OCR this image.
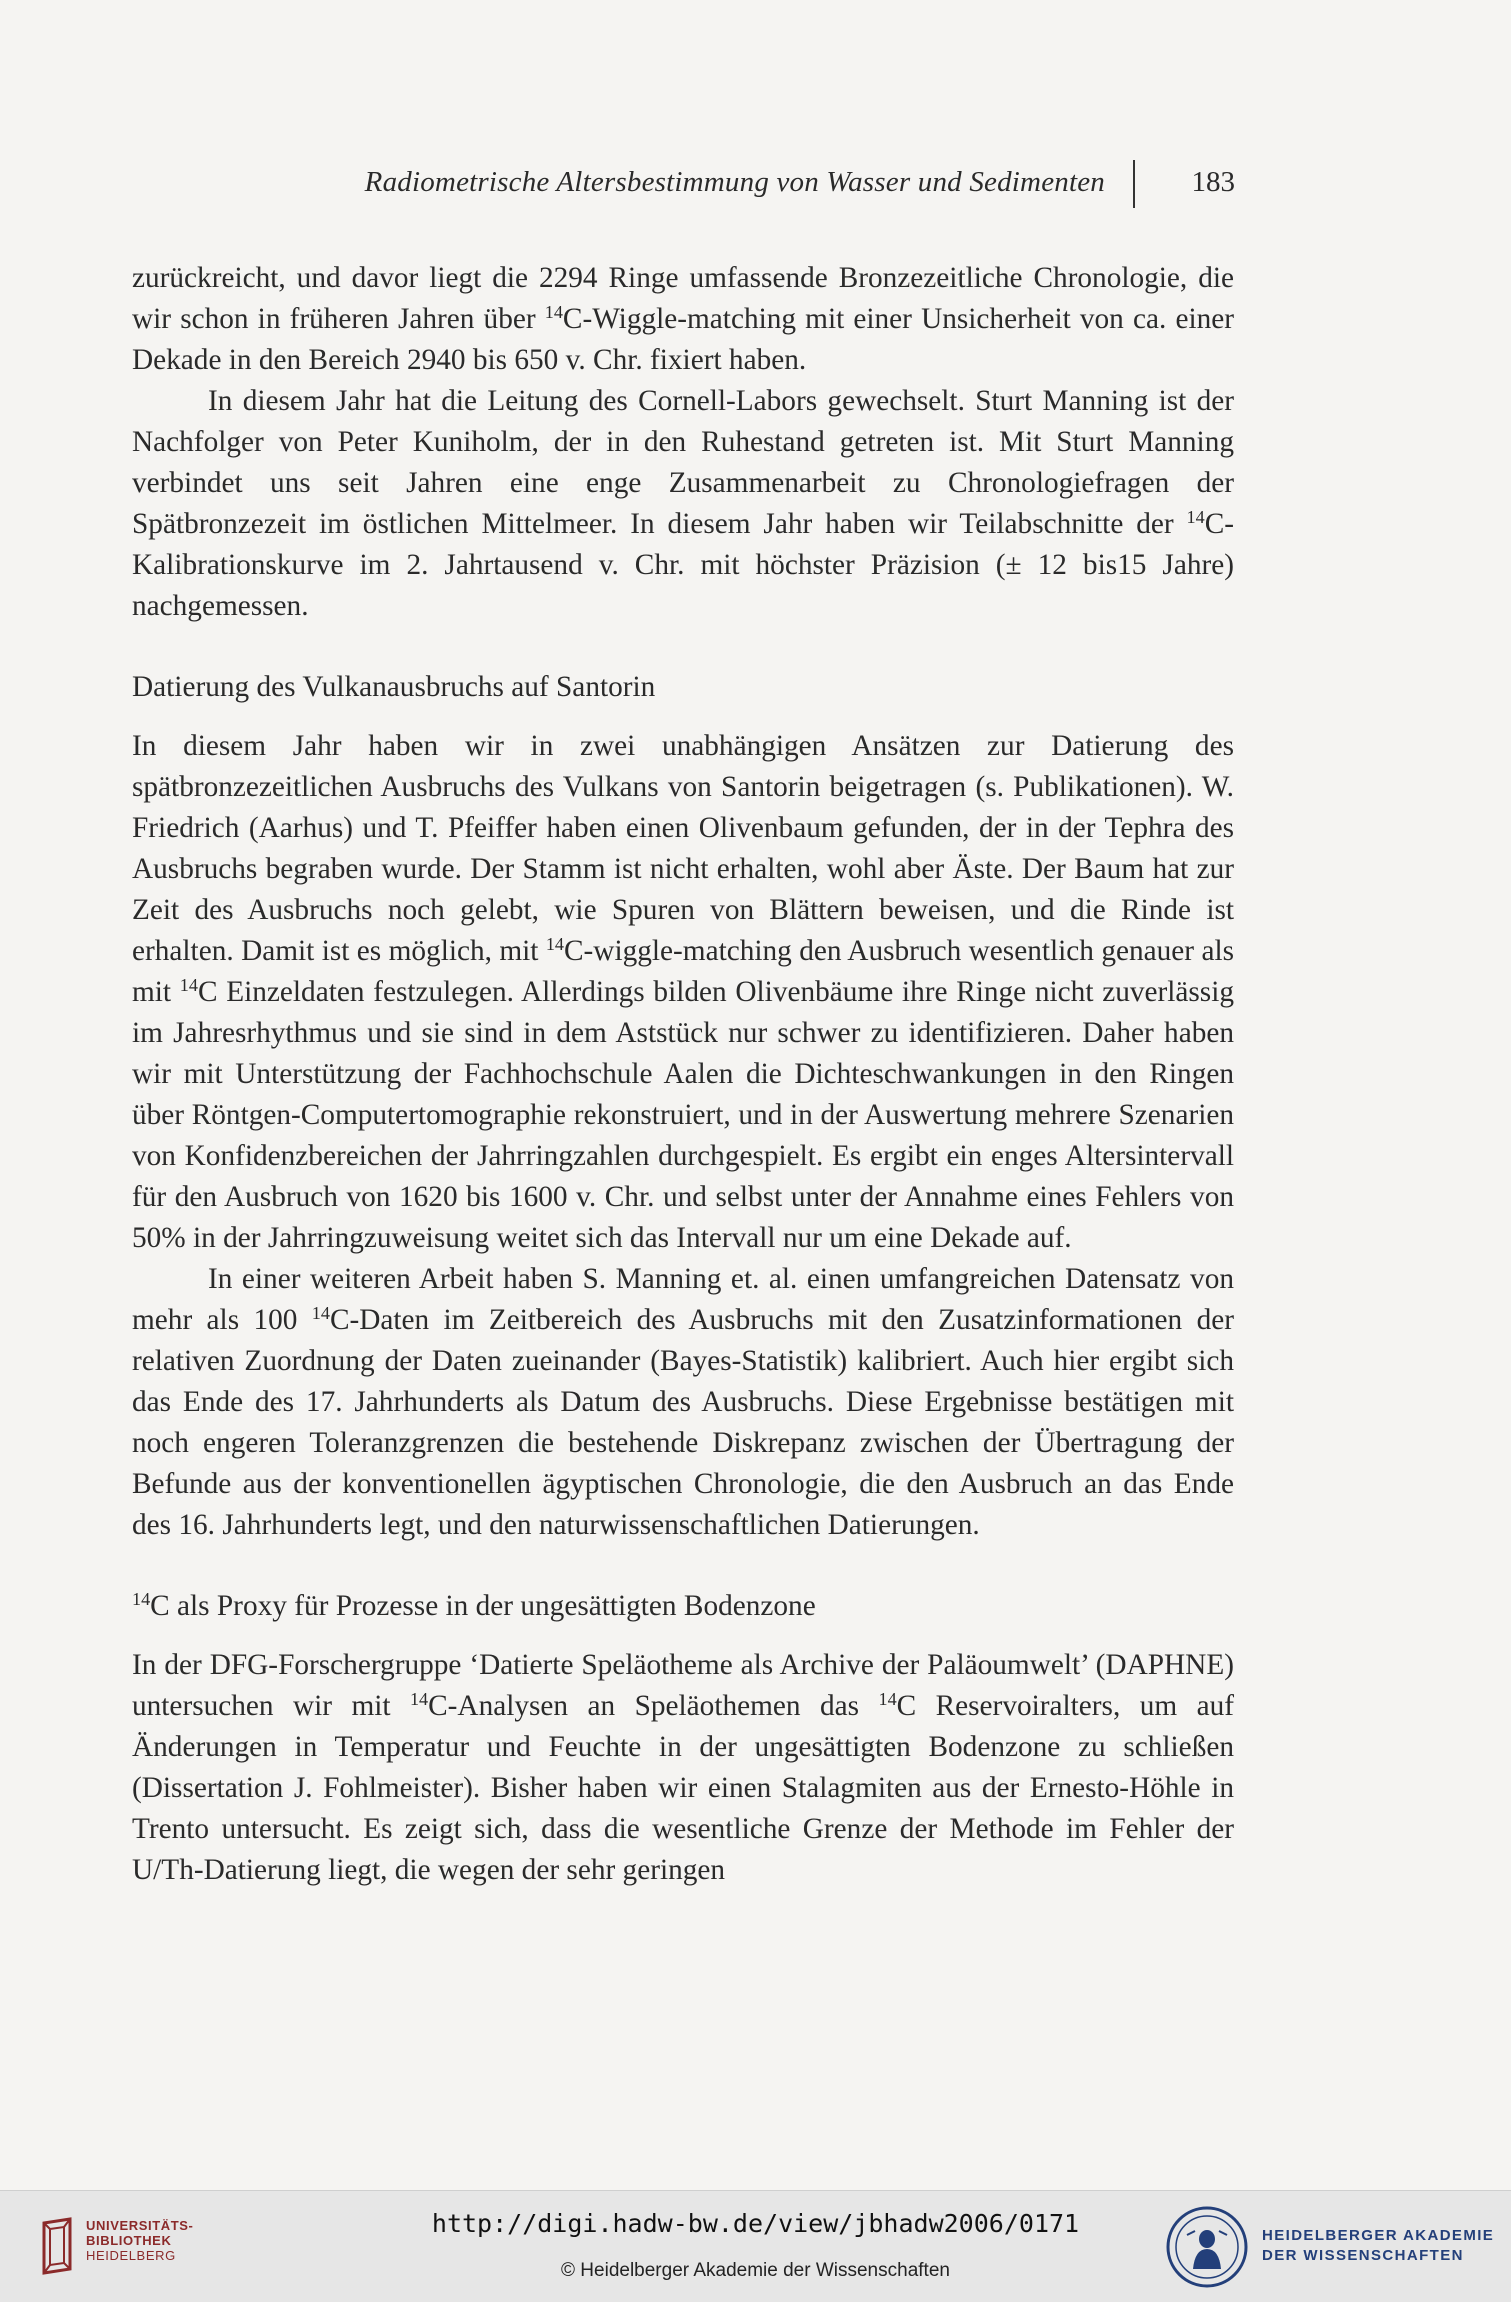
Radiometrische Altersbestimmung von Wasser und Sedimenten	183

zurückreicht, und davor liegt die 2294 Ringe umfassende Bronzezeitliche Chronologie, die wir schon in früheren Jahren über $^{14}$C-Wiggle-matching mit einer Unsicherheit von ca. einer Dekade in den Bereich 2940 bis 650 v. Chr. fixiert haben.

In diesem Jahr hat die Leitung des Cornell-Labors gewechselt. Sturt Manning ist der Nachfolger von Peter Kuniholm, der in den Ruhestand getreten ist. Mit Sturt Manning verbindet uns seit Jahren eine enge Zusammenarbeit zu Chronologiefragen der Spätbronzezeit im östlichen Mittelmeer. In diesem Jahr haben wir Teilabschnitte der $^{14}$C-Kalibrationskurve im 2. Jahrtausend v. Chr. mit höchster Präzision (± 12 bis15 Jahre) nachgemessen.

Datierung des Vulkanausbruchs auf Santorin

In diesem Jahr haben wir in zwei unabhängigen Ansätzen zur Datierung des spätbronzezeitlichen Ausbruchs des Vulkans von Santorin beigetragen (s. Publikationen). W. Friedrich (Aarhus) und T. Pfeiffer haben einen Olivenbaum gefunden, der in der Tephra des Ausbruchs begraben wurde. Der Stamm ist nicht erhalten, wohl aber Äste. Der Baum hat zur Zeit des Ausbruchs noch gelebt, wie Spuren von Blättern beweisen, und die Rinde ist erhalten. Damit ist es möglich, mit $^{14}$C-wiggle-matching den Ausbruch wesentlich genauer als mit $^{14}$C Einzeldaten festzulegen. Allerdings bilden Olivenbäume ihre Ringe nicht zuverlässig im Jahresrhythmus und sie sind in dem Aststück nur schwer zu identifizieren. Daher haben wir mit Unterstützung der Fachhochschule Aalen die Dichteschwankungen in den Ringen über Röntgen-Computertomographie rekonstruiert, und in der Auswertung mehrere Szenarien von Konfidenzbereichen der Jahrringzahlen durchgespielt. Es ergibt ein enges Altersintervall für den Ausbruch von 1620 bis 1600 v. Chr. und selbst unter der Annahme eines Fehlers von 50% in der Jahrringzuweisung weitet sich das Intervall nur um eine Dekade auf.

In einer weiteren Arbeit haben S. Manning et. al. einen umfangreichen Datensatz von mehr als 100 $^{14}$C-Daten im Zeitbereich des Ausbruchs mit den Zusatzinformationen der relativen Zuordnung der Daten zueinander (Bayes-Statistik) kalibriert. Auch hier ergibt sich das Ende des 17. Jahrhunderts als Datum des Ausbruchs. Diese Ergebnisse bestätigen mit noch engeren Toleranzgrenzen die bestehende Diskrepanz zwischen der Übertragung der Befunde aus der konventionellen ägyptischen Chronologie, die den Ausbruch an das Ende des 16. Jahrhunderts legt, und den naturwissenschaftlichen Datierungen.

$^{14}$C als Proxy für Prozesse in der ungesättigten Bodenzone

In der DFG-Forschergruppe ‘Datierte Speläotheme als Archive der Paläoumwelt’ (DAPHNE) untersuchen wir mit $^{14}$C-Analysen an Speläothemen das $^{14}$C Reservoiralters, um auf Änderungen in Temperatur und Feuchte in der ungesättigten Bodenzone zu schließen (Dissertation J. Fohlmeister). Bisher haben wir einen Stalagmiten aus der Ernesto-Höhle in Trento untersucht. Es zeigt sich, dass die wesentliche Grenze der Methode im Fehler der U/Th-Datierung liegt, die wegen der sehr geringen

UNIVERSITÄTS-
BIBLIOTHEK
HEIDELBERG
http://digi.hadw-bw.de/view/jbhadw2006/0171
© Heidelberger Akademie der Wissenschaften
HEIDELBERGER AKADEMIE
DER WISSENSCHAFTEN
